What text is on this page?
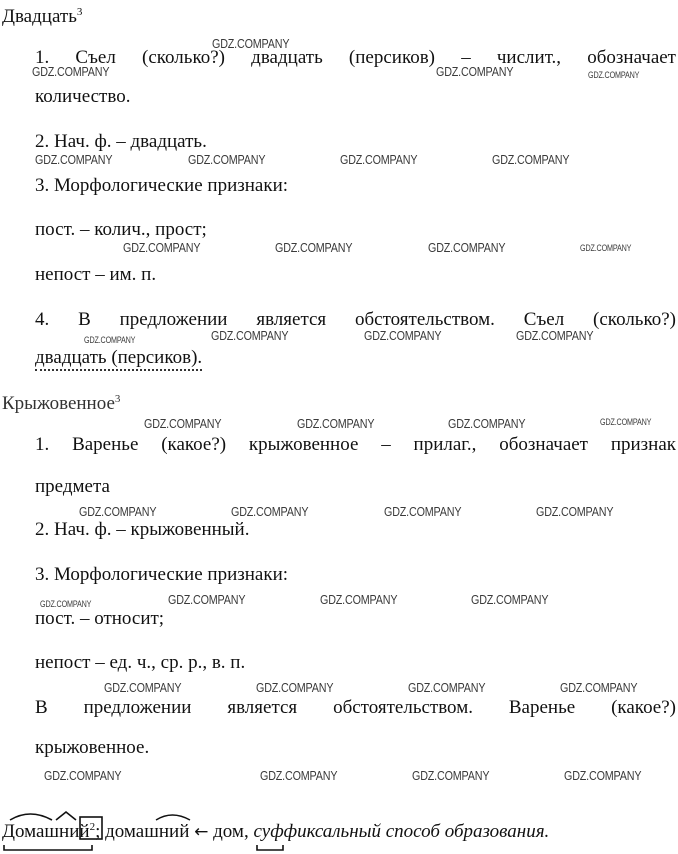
Двадцать$^3$
1. Съел (сколько?) двадцать (персиков) – числит., обозначает
количество.
2. Нач. ф. – двадцать.
3. Морфологические признаки:
пост. – колич., прост;
непост – им. п.
4. В предложении является обстоятельством. Съел (сколько?)
двадцать (персиков).
Крыжовенное$^3$
1. Варенье (какое?) крыжовенное – прилаг., обозначает признак
предмета
2. Нач. ф. – крыжовенный.
3. Морфологические признаки:
пост. – относит;
непост – ед. ч., ср. р., в. п.
В предложении является обстоятельством. Варенье (какое?)
крыжовенное.
Домашний$^2$; домашний ← дом, суффиксальный способ образования.
GDZ.COMPANY
GDZ.COMPANY	GDZ.COMPANY	GDZ.COMPANY
GDZ.COMPANY	GDZ.COMPANY	GDZ.COMPANY	GDZ.COMPANY
GDZ.COMPANY	GDZ.COMPANY	GDZ.COMPANY	GDZ.COMPANY
GDZ.COMPANY	GDZ.COMPANY	GDZ.COMPANY	GDZ.COMPANY
GDZ.COMPANY	GDZ.COMPANY	GDZ.COMPANY	GDZ.COMPANY
GDZ.COMPANY	GDZ.COMPANY	GDZ.COMPANY	GDZ.COMPANY
GDZ.COMPANY	GDZ.COMPANY	GDZ.COMPANY	GDZ.COMPANY
GDZ.COMPANY	GDZ.COMPANY	GDZ.COMPANY	GDZ.COMPANY
GDZ.COMPANY	GDZ.COMPANY	GDZ.COMPANY	GDZ.COMPANY
